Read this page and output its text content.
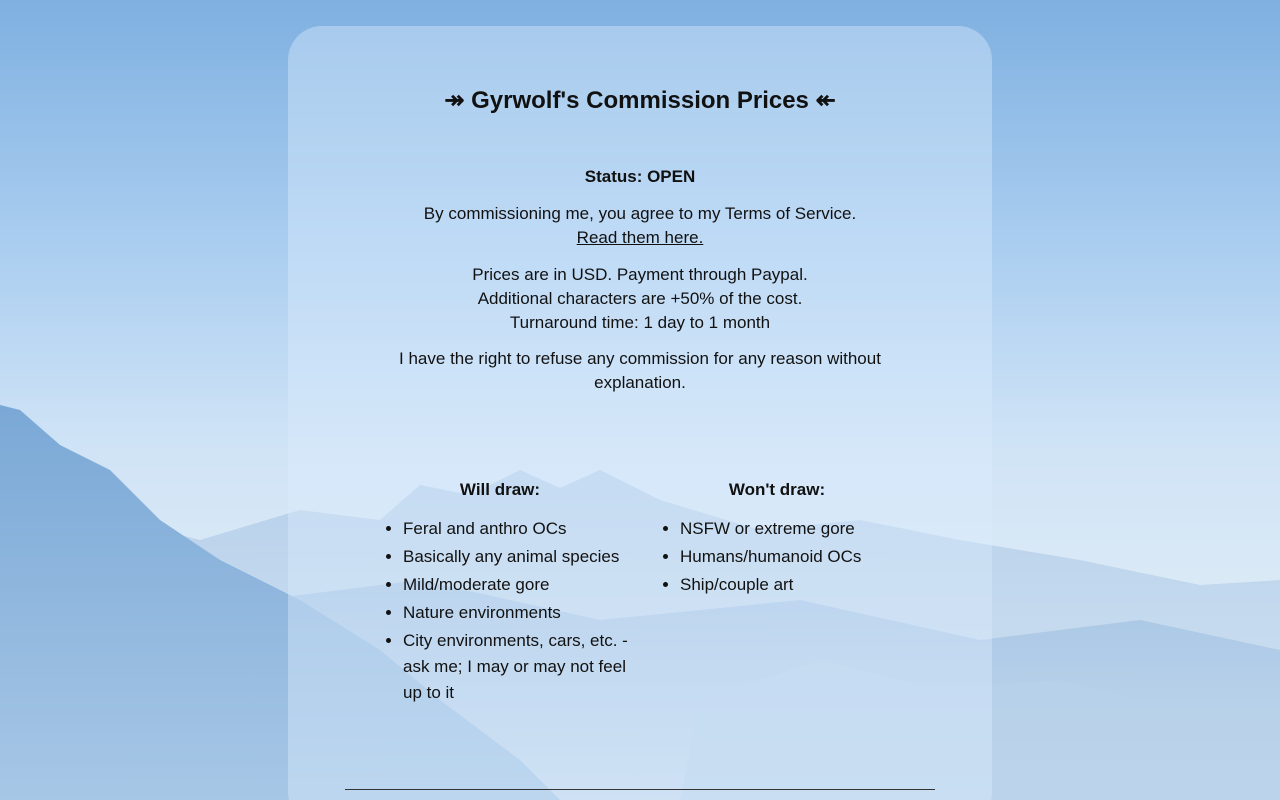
↠ Gyrwolf's Commission Prices ↞
Status: OPEN
By commissioning me, you agree to my Terms of Service.
Read them here.
Prices are in USD. Payment through Paypal.
Additional characters are +50% of the cost.
Turnaround time: 1 day to 1 month
I have the right to refuse any commission for any reason without explanation.
Will draw:
• Feral and anthro OCs
• Basically any animal species
• Mild/moderate gore
• Nature environments
• City environments, cars, etc. - ask me; I may or may not feel up to it
Won't draw:
• NSFW or extreme gore
• Humans/humanoid OCs
• Ship/couple art
